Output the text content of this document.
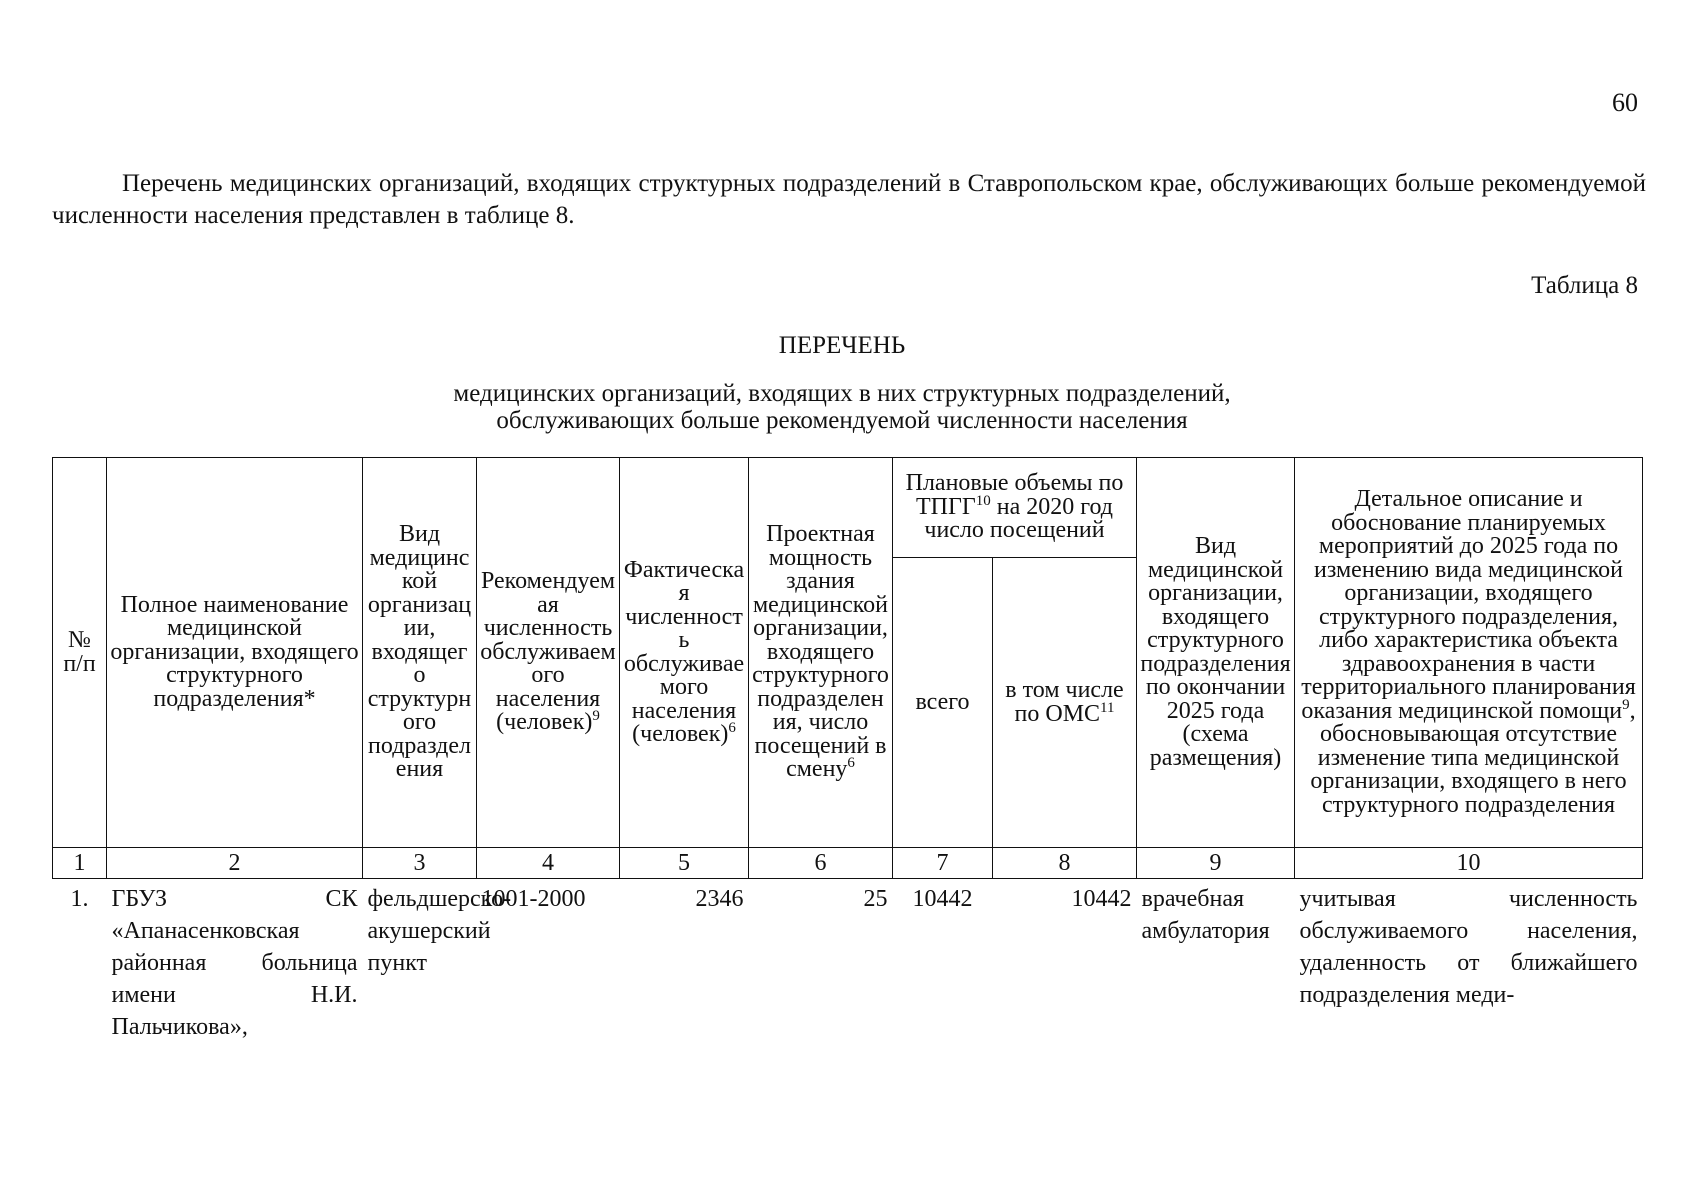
60

Перечень медицинских организаций, входящих структурных подразделений в Ставропольском крае, обслуживающих больше рекомендуемой численности населения представлен в таблице 8.

Таблица 8
ПЕРЕЧЕНЬ
медицинских организаций, входящих в них структурных подразделений,
обслуживающих больше рекомендуемой численности населения
№ п/п	Полное наименование медицинской организации, входящего структурного подразделения*	Вид медицинской организации, входящего структурного подразделения	Рекомендуемая численность обслуживаемого населения (человек)$^9$	Фактическая численность обслуживаемого населения (человек)$^6$	Проектная мощность здания медицинской организации, входящего структурного подразделения, число посещений в смену$^6$	Плановые объемы по ТПГГ$^{10}$ на 2020 год число посещений		Вид медицинской организации, входящего структурного подразделения по окончании 2025 года (схема размещения)	Детальное описание и обоснование планируемых мероприятий до 2025 года по изменению вида медицинской организации, входящего структурного подразделения, либо характеристика объекта здравоохранения в части территориального планирования оказания медицинской помощи$^9$, обосновывающая отсутствие изменение типа медицинской организации, входящего в него структурного подразделения
						всего	в том числе по ОМС$^{11}$
1	2	3	4	5	6	7	8	9	10
1.	ГБУЗ СК «Апанасенковская районная больница имени Н.И. Пальчикова»,	фельдшерско-акушерский пункт	1001-2000	2346	25	10442	10442	врачебная амбулатория	учитывая численность обслуживаемого населения, удаленность от ближайшего подразделения меди-
